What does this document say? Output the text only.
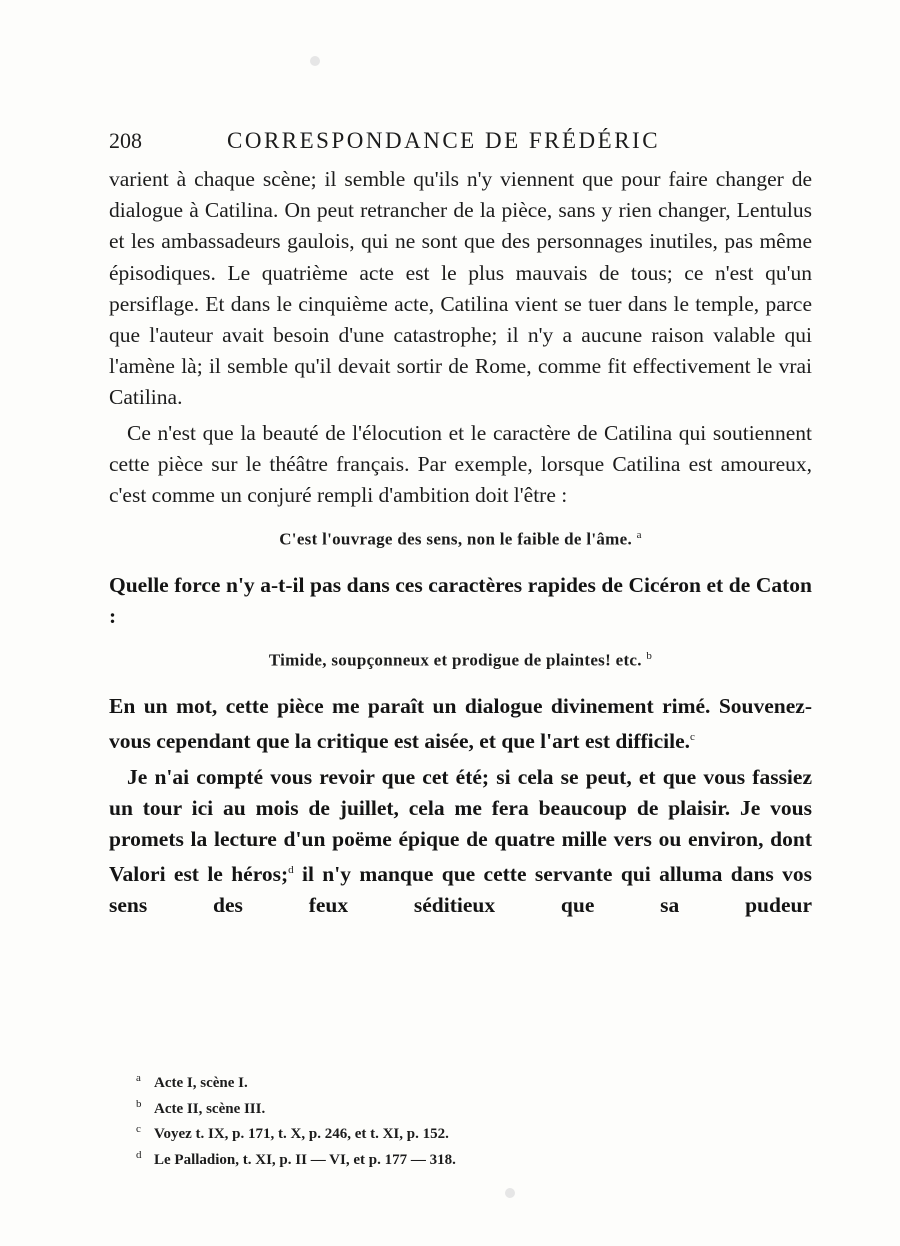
208	CORRESPONDANCE DE FRÉDÉRIC

varient à chaque scène; il semble qu'ils n'y viennent que pour faire changer de dialogue à Catilina. On peut retrancher de la pièce, sans y rien changer, Lentulus et les ambassadeurs gaulois, qui ne sont que des personnages inutiles, pas même épisodiques. Le quatrième acte est le plus mauvais de tous; ce n'est qu'un persiflage. Et dans le cinquième acte, Catilina vient se tuer dans le temple, parce que l'auteur avait besoin d'une catastrophe; il n'y a aucune raison valable qui l'amène là; il semble qu'il devait sortir de Rome, comme fit effectivement le vrai Catilina.

Ce n'est que la beauté de l'élocution et le caractère de Catilina qui soutiennent cette pièce sur le théâtre français. Par exemple, lorsque Catilina est amoureux, c'est comme un conjuré rempli d'ambition doit l'être :

C'est l'ouvrage des sens, non le faible de l'âme. $^a$

Quelle force n'y a-t-il pas dans ces caractères rapides de Cicéron et de Caton :

Timide, soupçonneux et prodigue de plaintes! etc. $^b$

En un mot, cette pièce me paraît un dialogue divinement rimé. Souvenez-vous cependant que la critique est aisée, et que l'art est difficile.$^c$

Je n'ai compté vous revoir que cet été; si cela se peut, et que vous fassiez un tour ici au mois de juillet, cela me fera beaucoup de plaisir. Je vous promets la lecture d'un poëme épique de quatre mille vers ou environ, dont Valori est le héros;$^d$ il n'y manque que cette servante qui alluma dans vos sens des feux séditieux que sa pudeur

a Acte I, scène I.
b Acte II, scène III.
c Voyez t. IX, p. 171, t. X, p. 246, et t. XI, p. 152.
d Le Palladion, t. XI, p. II — VI, et p. 177 — 318.
